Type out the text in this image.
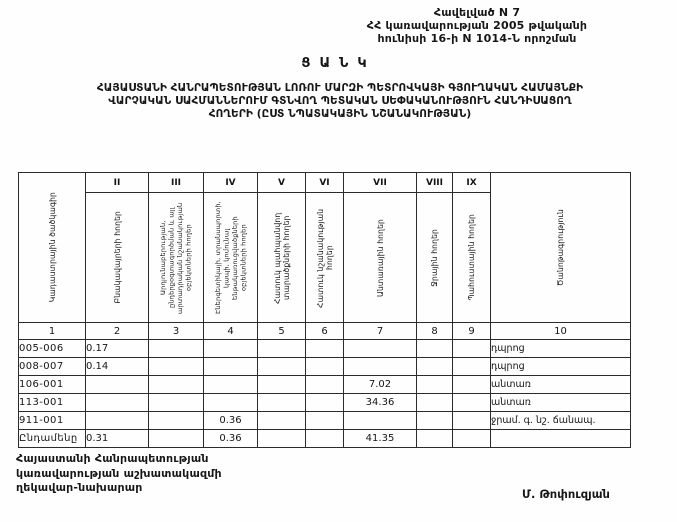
Հավելված N 7
ՀՀ կառավարության 2005 թվականի
հունիսի 16-ի N 1014-Ն որոշման
ՑԱՆԿ
ՀԱՅԱՍՏԱՆԻ ՀԱՆՐԱՊԵՏՈՒԹՅԱՆ ԼՈՌՈՒ ՄԱՐԶԻ ՊԵՏՐՈՎԿԱՅԻ ԳՅՈՒՂԱԿԱՆ ՀԱՄԱՅՆՔԻ
ՎԱՐՉԱԿԱՆ ՍԱՀՄԱՆՆԵՐՈՒՄ ԳՏՆՎՈՂ ՊԵՏԱԿԱՆ ՍԵՓԱԿԱՆՈՒԹՅՈՒՆ ՀԱՆԴԻՍԱՑՈՂ
ՀՈՂԵՐԻ (ԸՍՏ ՆՊԱՏԱԿԱՅԻՆ ՆՇԱՆԱԿՈՒԹՅԱՆ)
Կադաստրային ծածկագիր	II	III	IV	V	VI	VII	VIII	IX	Ծանոթագրություն

	Բնակավայրերի հողեր	Արդյունաբերության, ընդերքօգտագործման և այլ արտադրական նշանակության օբյեկտների հողեր	Էներգետիկայի, տրանսպորտի, կապի, կոմունալ ենթակառուցվածքների օբյեկտների հողեր	Հատուկ պահպանվող տարածքների հողեր	Հատուկ նշանակության հողեր	Անտառային հողեր	Ջրային հողեր	Պահուստային հողեր	

1	2	3	4	5	6	7	8	9	10
005-006	0.17								դպրոց
008-007	0.14								դպրոց
106-001						7.02			անտառ
113-001						34.36			անտառ
911-001			0.36						ջրամ. գ. նշ. ճանապ.
Ընդամենը	0.31		0.36			41.35			
Հայաստանի Հանրապետության
կառավարության աշխատակազմի
ղեկավար-նախարար	Մ. Թոփուզյան
